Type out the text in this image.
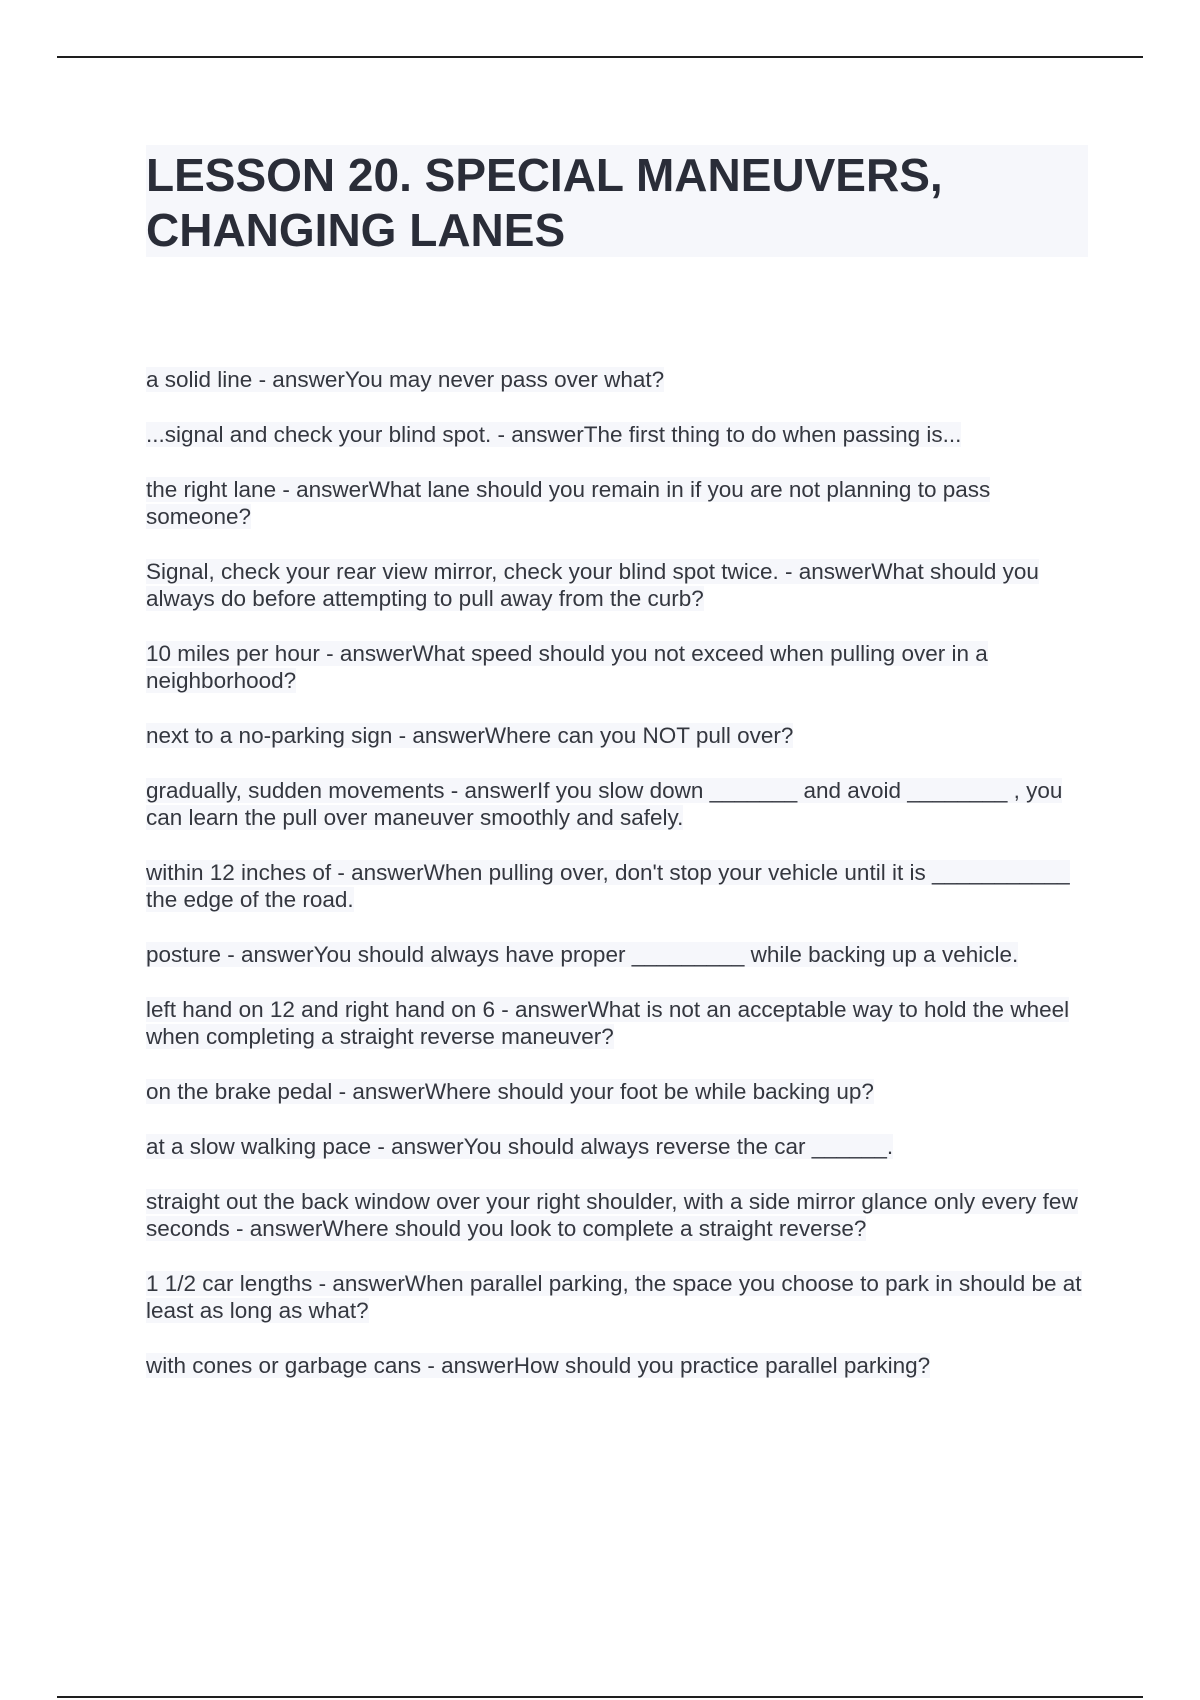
LESSON 20. SPECIAL MANEUVERS,
CHANGING LANES
a solid line - answerYou may never pass over what?
...signal and check your blind spot. - answerThe first thing to do when passing is...
the right lane - answerWhat lane should you remain in if you are not planning to pass someone?
Signal, check your rear view mirror, check your blind spot twice. - answerWhat should you always do before attempting to pull away from the curb?
10 miles per hour - answerWhat speed should you not exceed when pulling over in a neighborhood?
next to a no-parking sign - answerWhere can you NOT pull over?
gradually, sudden movements - answerIf you slow down _______ and avoid ________ , you can learn the pull over maneuver smoothly and safely.
within 12 inches of - answerWhen pulling over, don't stop your vehicle until it is ___________ the edge of the road.
posture - answerYou should always have proper _________ while backing up a vehicle.
left hand on 12 and right hand on 6 - answerWhat is not an acceptable way to hold the wheel when completing a straight reverse maneuver?
on the brake pedal - answerWhere should your foot be while backing up?
at a slow walking pace - answerYou should always reverse the car ______.
straight out the back window over your right shoulder, with a side mirror glance only every few seconds - answerWhere should you look to complete a straight reverse?
1 1/2 car lengths - answerWhen parallel parking, the space you choose to park in should be at least as long as what?
with cones or garbage cans - answerHow should you practice parallel parking?
